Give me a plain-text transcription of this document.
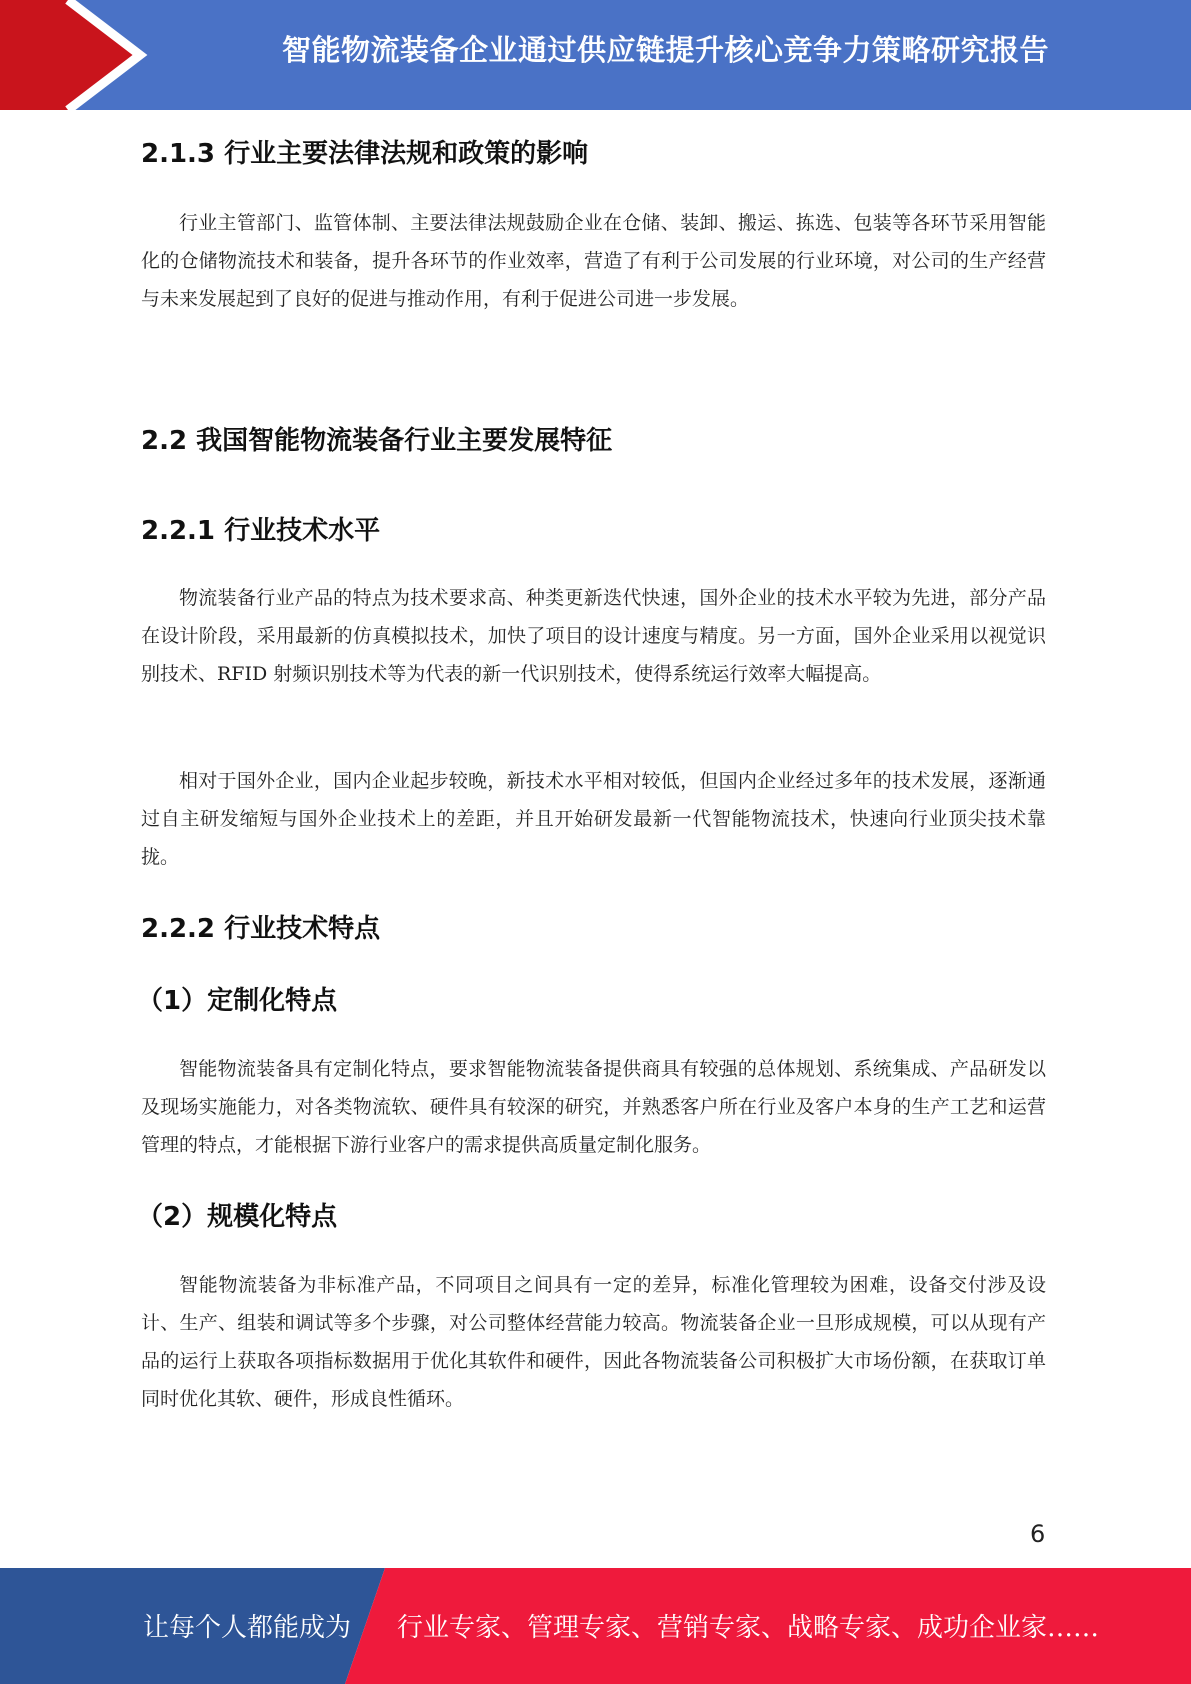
智能物流装备企业通过供应链提升核心竞争力策略研究报告
2.1.3 行业主要法律法规和政策的影响

行业主管部门、监管体制、主要法律法规鼓励企业在仓储、装卸、搬运、拣选、包装等各环节采用智能化的仓储物流技术和装备，提升各环节的作业效率，营造了有利于公司发展的行业环境，对公司的生产经营与未来发展起到了良好的促进与推动作用，有利于促进公司进一步发展。

2.2 我国智能物流装备行业主要发展特征
2.2.1 行业技术水平

物流装备行业产品的特点为技术要求高、种类更新迭代快速，国外企业的技术水平较为先进，部分产品在设计阶段，采用最新的仿真模拟技术，加快了项目的设计速度与精度。另一方面，国外企业采用以视觉识别技术、RFID 射频识别技术等为代表的新一代识别技术，使得系统运行效率大幅提高。

相对于国外企业，国内企业起步较晚，新技术水平相对较低，但国内企业经过多年的技术发展，逐渐通过自主研发缩短与国外企业技术上的差距，并且开始研发最新一代智能物流技术，快速向行业顶尖技术靠拢。

2.2.2 行业技术特点
（1）定制化特点

智能物流装备具有定制化特点，要求智能物流装备提供商具有较强的总体规划、系统集成、产品研发以及现场实施能力，对各类物流软、硬件具有较深的研究，并熟悉客户所在行业及客户本身的生产工艺和运营管理的特点，才能根据下游行业客户的需求提供高质量定制化服务。

（2）规模化特点

智能物流装备为非标准产品，不同项目之间具有一定的差异，标准化管理较为困难，设备交付涉及设计、生产、组装和调试等多个步骤，对公司整体经营能力较高。物流装备企业一旦形成规模，可以从现有产品的运行上获取各项指标数据用于优化其软件和硬件，因此各物流装备公司积极扩大市场份额，在获取订单同时优化其软、硬件，形成良性循环。

6
让每个人都能成为 行业专家、管理专家、营销专家、战略专家、成功企业家……
